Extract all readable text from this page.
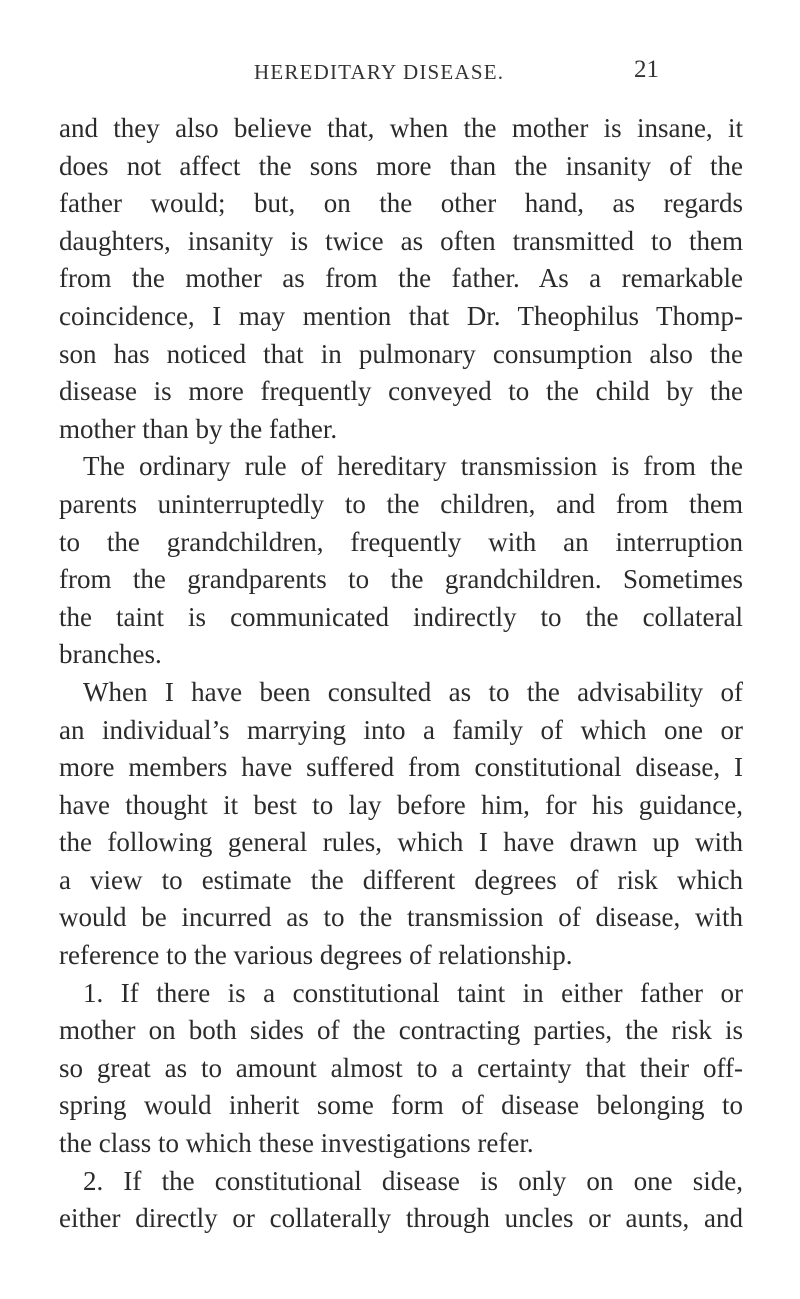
HEREDITARY DISEASE.	21
and they also believe that, when the mother is insane, it
does not affect the sons more than the insanity of the
father would; but, on the other hand, as regards
daughters, insanity is twice as often transmitted to them
from the mother as from the father. As a remarkable
coincidence, I may mention that Dr. Theophilus Thomp-
son has noticed that in pulmonary consumption also the
disease is more frequently conveyed to the child by the
mother than by the father.
The ordinary rule of hereditary transmission is from the
parents uninterruptedly to the children, and from them
to the grandchildren, frequently with an interruption
from the grandparents to the grandchildren. Sometimes
the taint is communicated indirectly to the collateral
branches.
When I have been consulted as to the advisability of
an individual’s marrying into a family of which one or
more members have suffered from constitutional disease, I
have thought it best to lay before him, for his guidance,
the following general rules, which I have drawn up with
a view to estimate the different degrees of risk which
would be incurred as to the transmission of disease, with
reference to the various degrees of relationship.
1. If there is a constitutional taint in either father or
mother on both sides of the contracting parties, the risk is
so great as to amount almost to a certainty that their off-
spring would inherit some form of disease belonging to
the class to which these investigations refer.
2. If the constitutional disease is only on one side,
either directly or collaterally through uncles or aunts, and
